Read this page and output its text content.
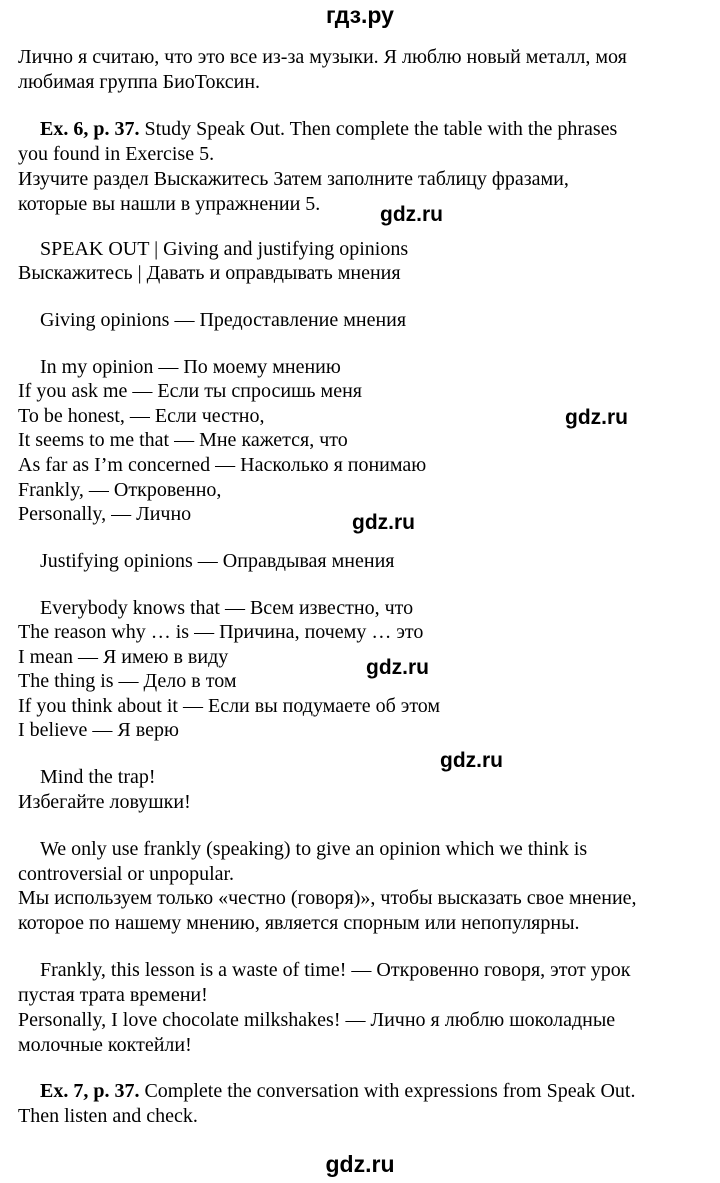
гдз.ру
gdz.ru
gdz.ru
gdz.ru
gdz.ru
gdz.ru
gdz.ru
Лично я считаю, что это все из-за музыки. Я люблю новый металл, моя
любимая группа БиоТоксин.
Ex. 6, p. 37. Study Speak Out. Then complete the table with the phrases
you found in Exercise 5.
Изучите раздел Выскажитесь Затем заполните таблицу фразами,
которые вы нашли в упражнении 5.
SPEAK OUT | Giving and justifying opinions
Выскажитесь | Давать и оправдывать мнения
Giving opinions — Предоставление мнения
In my opinion — По моему мнению
If you ask me — Если ты спросишь меня
To be honest, — Если честно,
It seems to me that — Мне кажется, что
As far as I’m concerned — Насколько я понимаю
Frankly, — Откровенно,
Personally, — Лично
Justifying opinions — Оправдывая мнения
Everybody knows that — Всем известно, что
The reason why … is — Причина, почему … это
I mean — Я имею в виду
The thing is — Дело в том
If you think about it — Если вы подумаете об этом
I believe — Я верю
Mind the trap!
Избегайте ловушки!
We only use frankly (speaking) to give an opinion which we think is
controversial or unpopular.
Мы используем только «честно (говоря)», чтобы высказать свое мнение,
которое по нашему мнению, является спорным или непопулярны.
Frankly, this lesson is a waste of time! — Откровенно говоря, этот урок
пустая трата времени!
Personally, I love chocolate milkshakes! — Лично я люблю шоколадные
молочные коктейли!
Ex. 7, p. 37. Complete the conversation with expressions from Speak Out.
Then listen and check.
